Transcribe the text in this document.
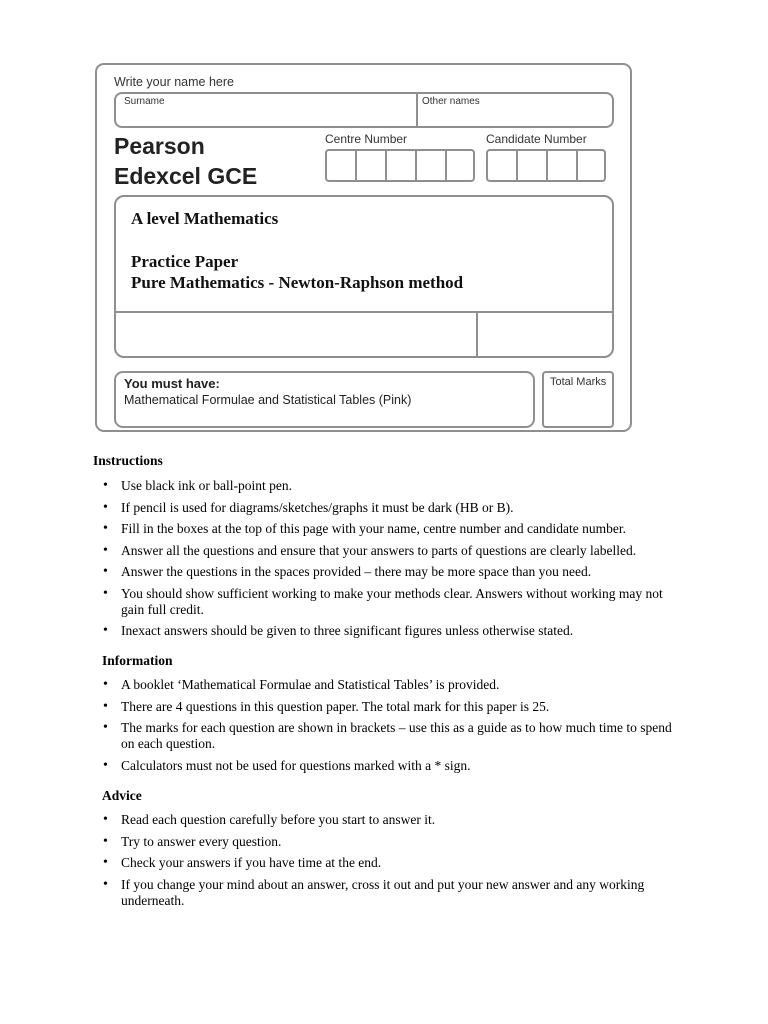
Write your name here
Surname	Other names
Pearson
Edexcel GCE
Centre Number	Candidate Number
A level Mathematics
Practice Paper
Pure Mathematics - Newton-Raphson method
You must have:
Mathematical Formulae and Statistical Tables (Pink)
Total Marks
Instructions
• Use black ink or ball-point pen.
• If pencil is used for diagrams/sketches/graphs it must be dark (HB or B).
• Fill in the boxes at the top of this page with your name, centre number and candidate number.
• Answer all the questions and ensure that your answers to parts of questions are clearly labelled.
• Answer the questions in the spaces provided – there may be more space than you need.
• You should show sufficient working to make your methods clear. Answers without working may not gain full credit.
• Inexact answers should be given to three significant figures unless otherwise stated.
Information
• A booklet ‘Mathematical Formulae and Statistical Tables’ is provided.
• There are 4 questions in this question paper. The total mark for this paper is 25.
• The marks for each question are shown in brackets – use this as a guide as to how much time to spend on each question.
• Calculators must not be used for questions marked with a * sign.
Advice
• Read each question carefully before you start to answer it.
• Try to answer every question.
• Check your answers if you have time at the end.
• If you change your mind about an answer, cross it out and put your new answer and any working underneath.
